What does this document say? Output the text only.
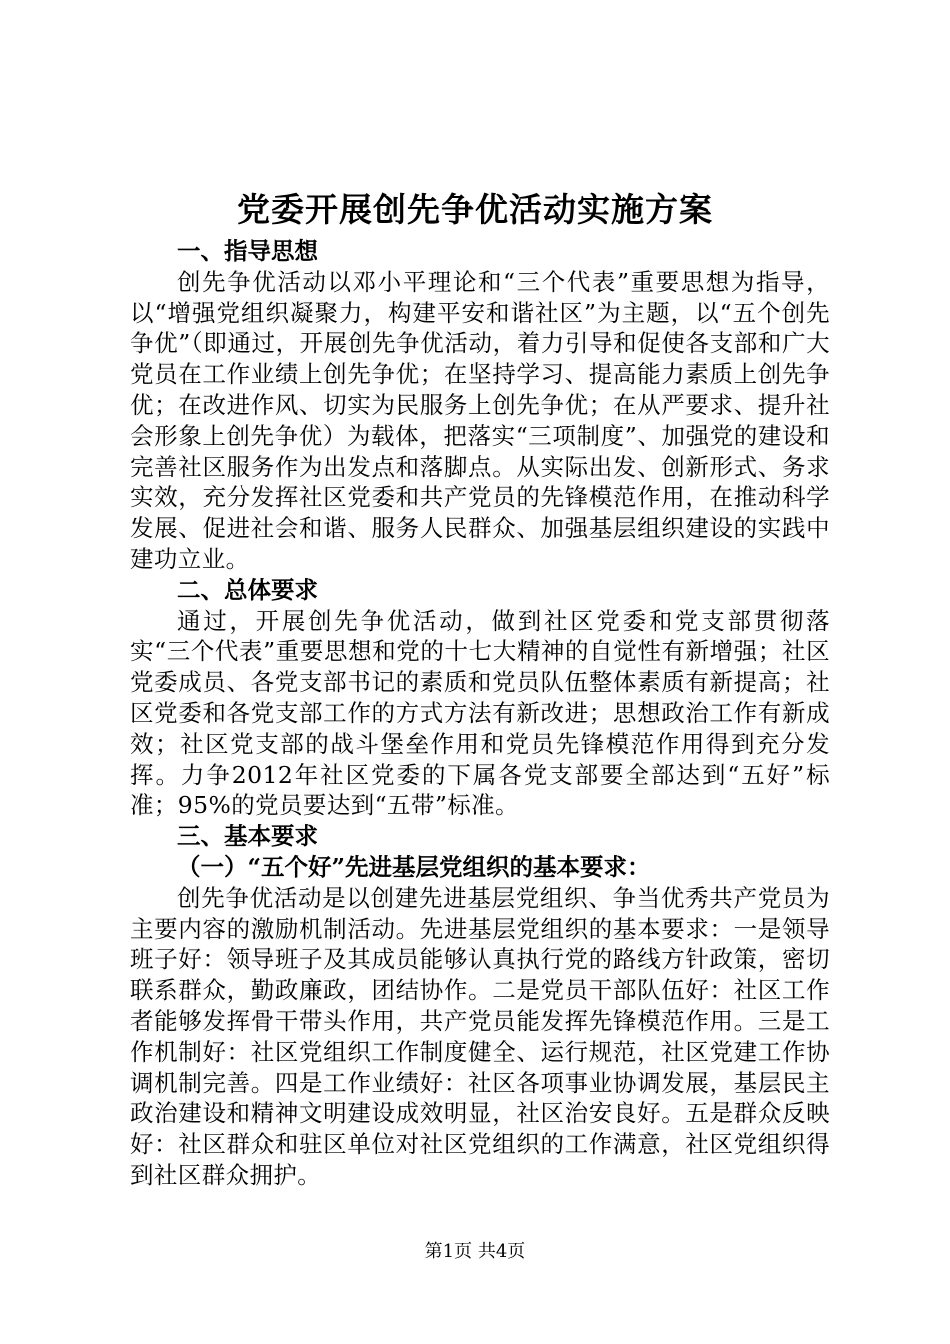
党委开展创先争优活动实施方案

一、指导思想

创先争优活动以邓小平理论和“三个代表”重要思想为指导，以“增强党组织凝聚力，构建平安和谐社区”为主题，以“五个创先争优”（即通过，开展创先争优活动，着力引导和促使各支部和广大党员在工作业绩上创先争优；在坚持学习、提高能力素质上创先争优；在改进作风、切实为民服务上创先争优；在从严要求、提升社会形象上创先争优）为载体，把落实“三项制度”、加强党的建设和完善社区服务作为出发点和落脚点。从实际出发、创新形式、务求实效，充分发挥社区党委和共产党员的先锋模范作用，在推动科学发展、促进社会和谐、服务人民群众、加强基层组织建设的实践中建功立业。

二、总体要求

通过，开展创先争优活动，做到社区党委和党支部贯彻落实“三个代表”重要思想和党的十七大精神的自觉性有新增强；社区党委成员、各党支部书记的素质和党员队伍整体素质有新提高；社区党委和各党支部工作的方式方法有新改进；思想政治工作有新成效；社区党支部的战斗堡垒作用和党员先锋模范作用得到充分发挥。力争2012年社区党委的下属各党支部要全部达到“五好”标准；95%的党员要达到“五带”标准。

三、基本要求

（一）“五个好”先进基层党组织的基本要求：

创先争优活动是以创建先进基层党组织、争当优秀共产党员为主要内容的激励机制活动。先进基层党组织的基本要求：一是领导班子好：领导班子及其成员能够认真执行党的路线方针政策，密切联系群众，勤政廉政，团结协作。二是党员干部队伍好：社区工作者能够发挥骨干带头作用，共产党员能发挥先锋模范作用。三是工作机制好：社区党组织工作制度健全、运行规范，社区党建工作协调机制完善。四是工作业绩好：社区各项事业协调发展，基层民主政治建设和精神文明建设成效明显，社区治安良好。五是群众反映好：社区群众和驻区单位对社区党组织的工作满意，社区党组织得到社区群众拥护。

第1页 共4页
